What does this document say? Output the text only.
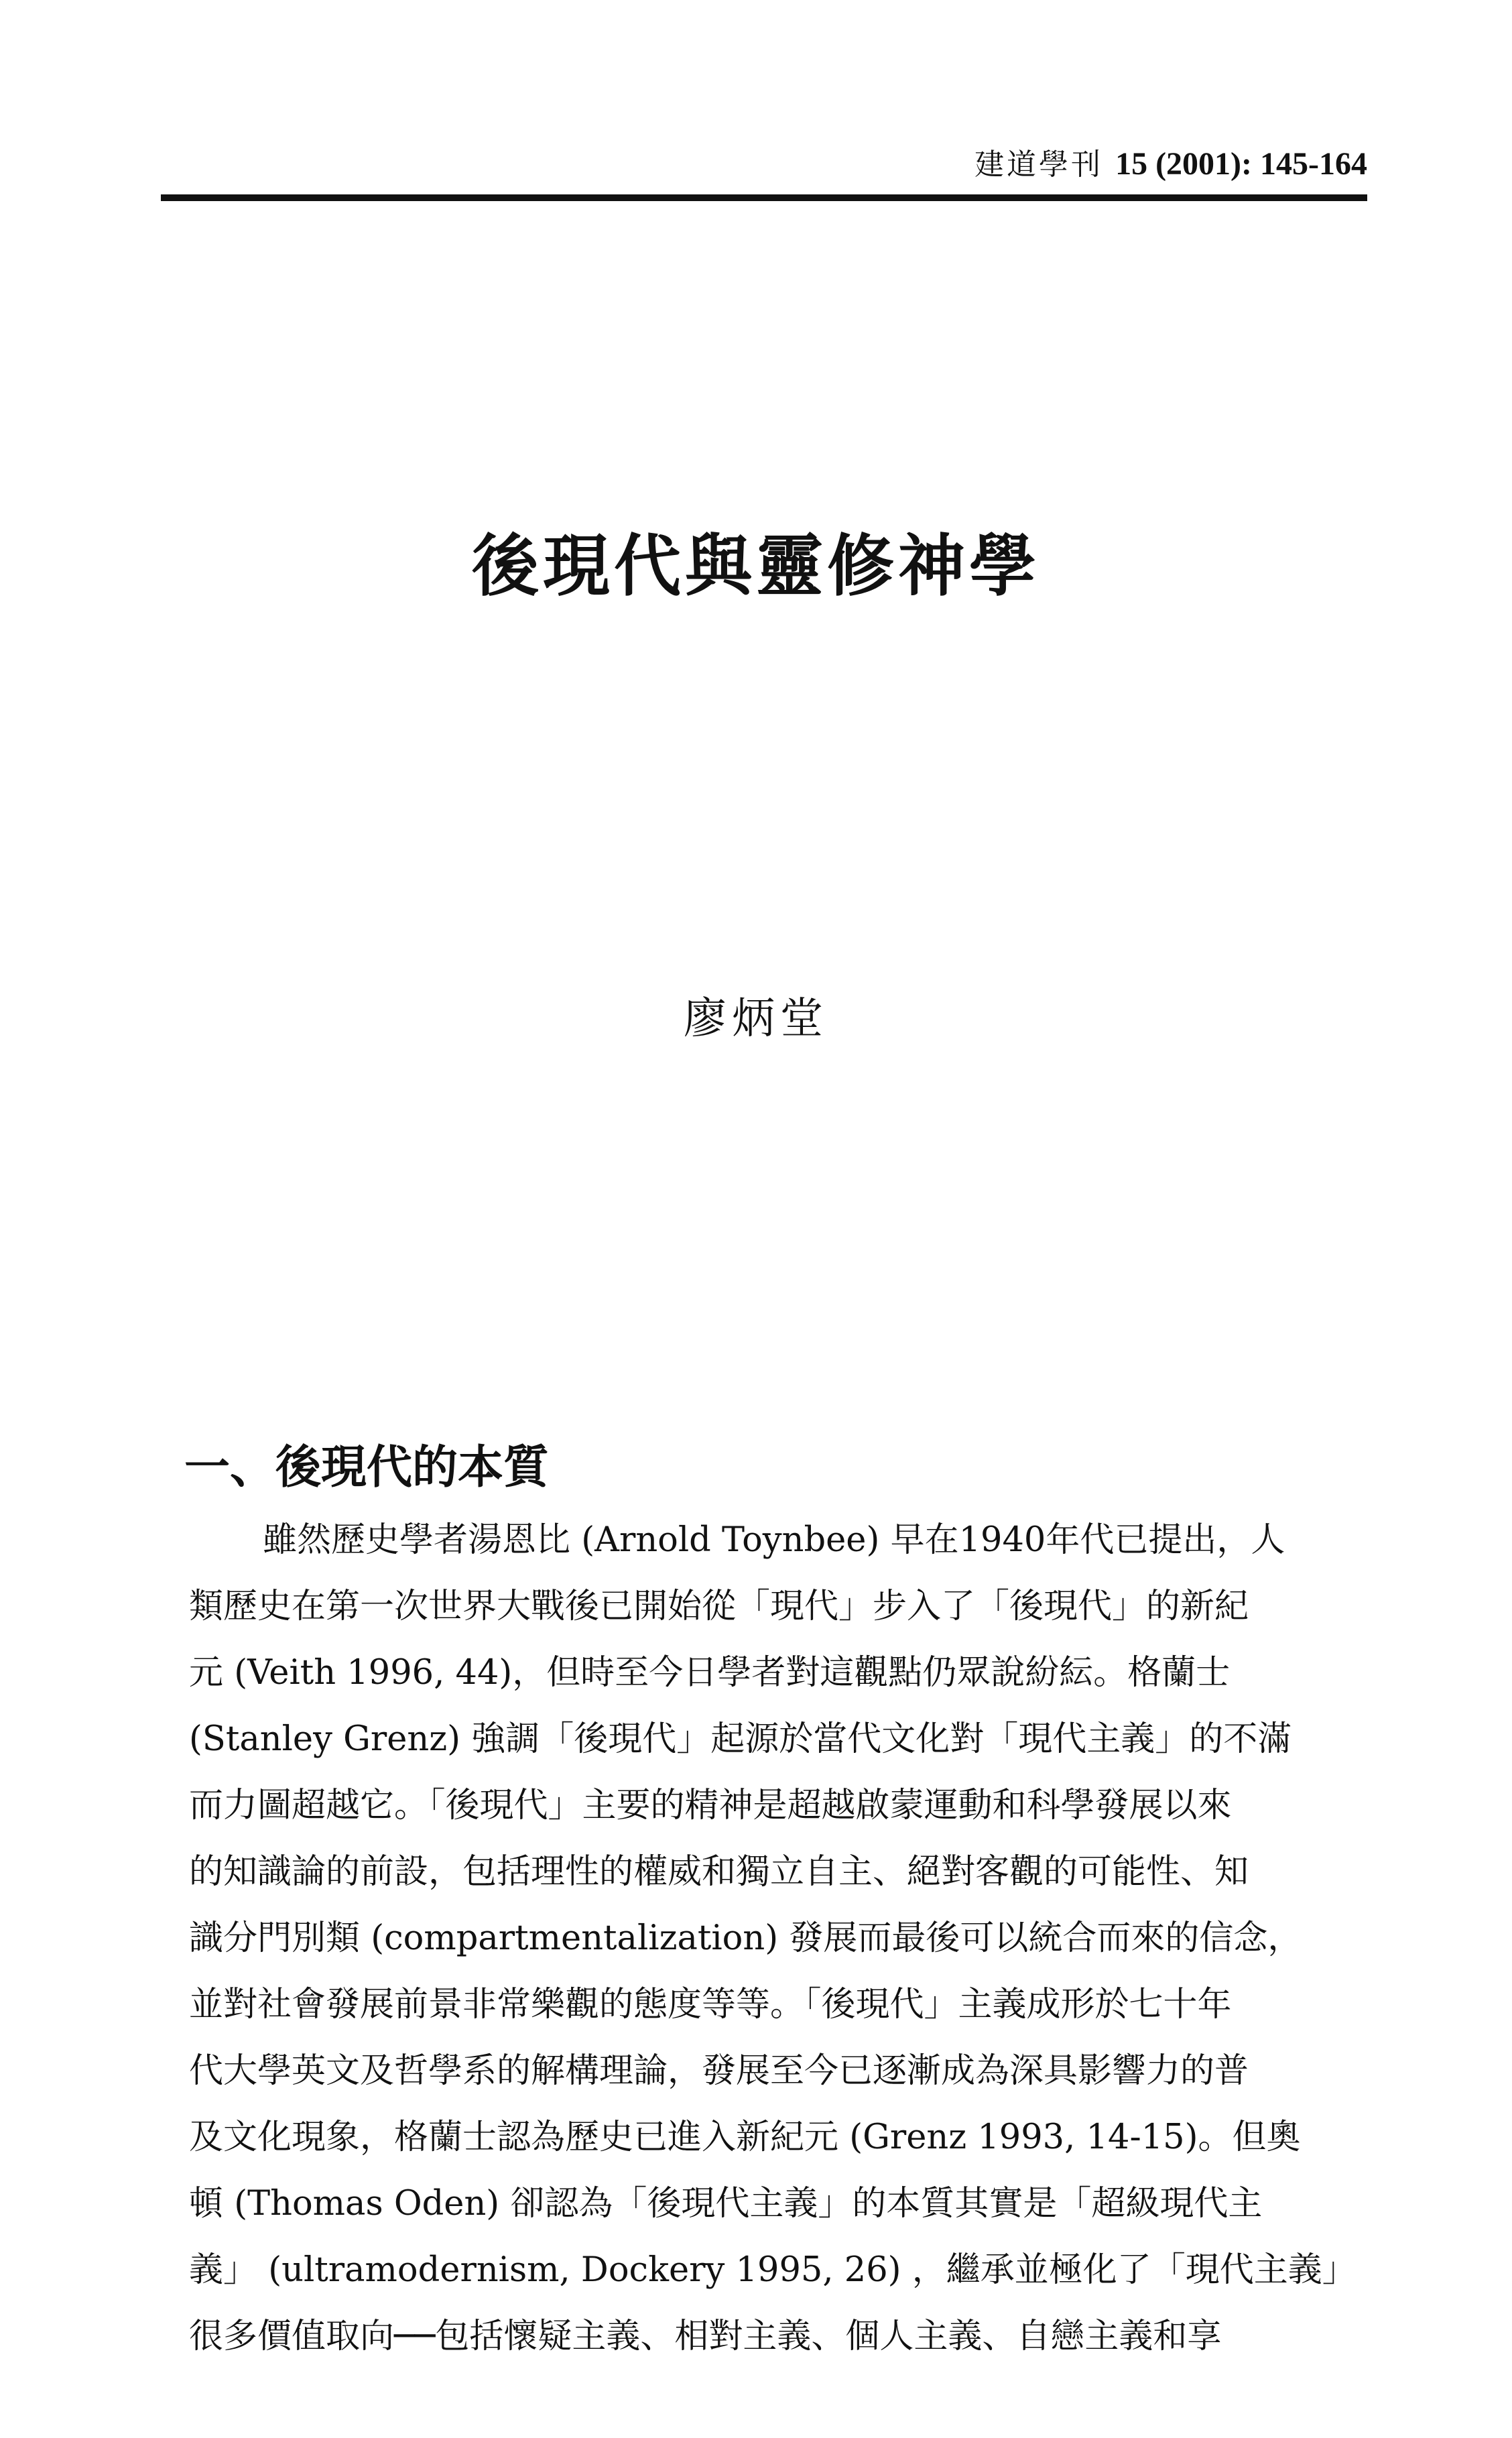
建道學刊 15 (2001): 145-164
後現代與靈修神學
廖炳堂
一、後現代的本質
雖然歷史學者湯恩比 (Arnold Toynbee) 早在1940年代已提出，人
類歷史在第一次世界大戰後已開始從「現代」步入了「後現代」的新紀
元 (Veith 1996, 44)，但時至今日學者對這觀點仍眾說紛紜。格蘭士
(Stanley Grenz) 強調「後現代」起源於當代文化對「現代主義」的不滿
而力圖超越它。「後現代」主要的精神是超越啟蒙運動和科學發展以來
的知識論的前設，包括理性的權威和獨立自主、絕對客觀的可能性、知
識分門別類 (compartmentalization) 發展而最後可以統合而來的信念，
並對社會發展前景非常樂觀的態度等等。「後現代」主義成形於七十年
代大學英文及哲學系的解構理論，發展至今已逐漸成為深具影響力的普
及文化現象，格蘭士認為歷史已進入新紀元 (Grenz 1993, 14-15)。但奧
頓 (Thomas Oden) 卻認為「後現代主義」的本質其實是「超級現代主
義」 (ultramodernism, Dockery 1995, 26) ，繼承並極化了「現代主義」
很多價值取向──包括懷疑主義、相對主義、個人主義、自戀主義和享
